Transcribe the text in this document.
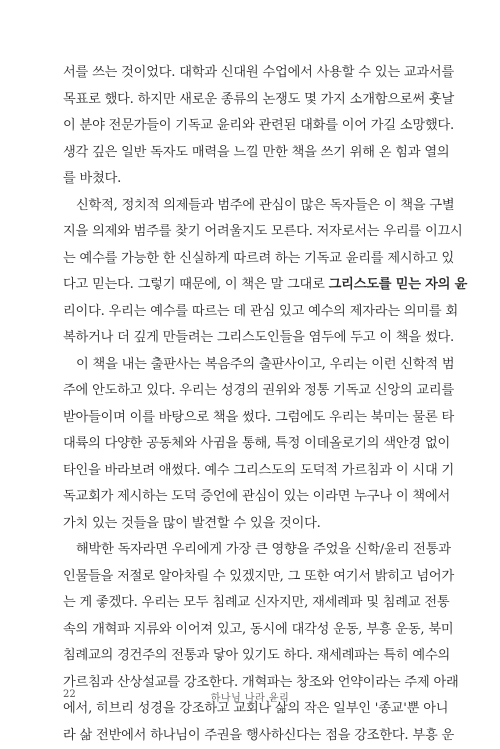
서를 쓰는 것이었다. 대학과 신대원 수업에서 사용할 수 있는 교과서를
목표로 했다. 하지만 새로운 종류의 논쟁도 몇 가지 소개함으로써 훗날
이 분야 전문가들이 기독교 윤리와 관련된 대화를 이어 가길 소망했다.
생각 깊은 일반 독자도 매력을 느낄 만한 책을 쓰기 위해 온 힘과 열의
를 바쳤다.
신학적, 정치적 의제들과 범주에 관심이 많은 독자들은 이 책을 구별
지을 의제와 범주를 찾기 어려울지도 모른다. 저자로서는 우리를 이끄시
는 예수를 가능한 한 신실하게 따르려 하는 기독교 윤리를 제시하고 있
다고 믿는다. 그렇기 때문에, 이 책은 말 그대로 그리스도를 믿는 자의 윤
리이다. 우리는 예수를 따르는 데 관심 있고 예수의 제자라는 의미를 회
복하거나 더 깊게 만들려는 그리스도인들을 염두에 두고 이 책을 썼다.
이 책을 내는 출판사는 복음주의 출판사이고, 우리는 이런 신학적 범
주에 안도하고 있다. 우리는 성경의 권위와 정통 기독교 신앙의 교리를
받아들이며 이를 바탕으로 책을 썼다. 그럼에도 우리는 북미는 물론 타
대륙의 다양한 공동체와 사귐을 통해, 특정 이데올로기의 색안경 없이
타인을 바라보려 애썼다. 예수 그리스도의 도덕적 가르침과 이 시대 기
독교회가 제시하는 도덕 증언에 관심이 있는 이라면 누구나 이 책에서
가치 있는 것들을 많이 발견할 수 있을 것이다.
해박한 독자라면 우리에게 가장 큰 영향을 주었을 신학/윤리 전통과
인물들을 저절로 알아차릴 수 있겠지만, 그 또한 여기서 밝히고 넘어가
는 게 좋겠다. 우리는 모두 침례교 신자지만, 재세례파 및 침례교 전통
속의 개혁파 지류와 이어져 있고, 동시에 대각성 운동, 부흥 운동, 북미
침례교의 경건주의 전통과 닿아 있기도 하다. 재세례파는 특히 예수의
가르침과 산상설교를 강조한다. 개혁파는 창조와 언약이라는 주제 아래
에서, 히브리 성경을 강조하고 교회나 삶의 작은 일부인 '종교'뿐 아니
라 삶 전반에서 하나님이 주권을 행사하신다는 점을 강조한다. 부흥 운
22	하나님 나라 윤리
